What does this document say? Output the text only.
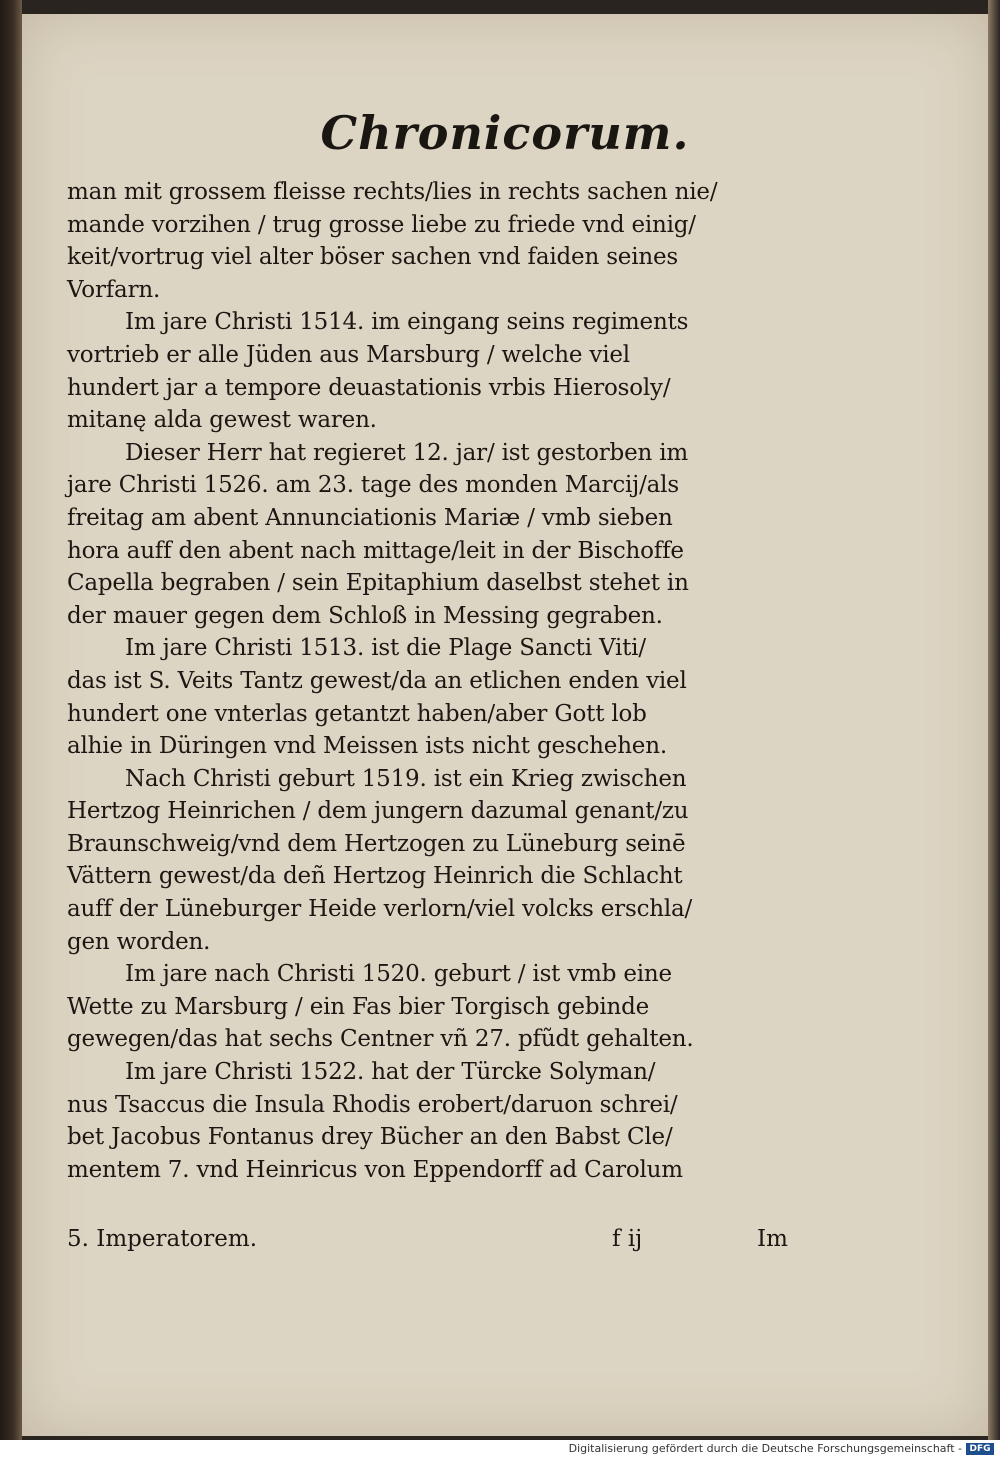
Chronicorum.
man mit grossem fleisse rechts/lies in rechts sachen nie/
mande vorzihen / trug grosse liebe zu friede vnd einig/
keit/vortrug viel alter böser sachen vnd faiden seines
Vorfarn.
Im jare Christi 1514. im eingang seins regiments
vortrieb er alle Jüden aus Marsburg / welche viel
hundert jar a tempore deuastationis vrbis Hierosoly/
mitanę alda gewest waren.
Dieser Herr hat regieret 12. jar/ ist gestorben im
jare Christi 1526. am 23. tage des monden Marcij/als
freitag am abent Annunciationis Mariæ / vmb sieben
hora auff den abent nach mittage/leit in der Bischoffe
Capella begraben / sein Epitaphium daselbst stehet in
der mauer gegen dem Schloß in Messing gegraben.
Im jare Christi 1513. ist die Plage Sancti Viti/
das ist S. Veits Tantz gewest/da an etlichen enden viel
hundert one vnterlas getantzt haben/aber Gott lob
alhie in Düringen vnd Meissen ists nicht geschehen.
Nach Christi geburt 1519. ist ein Krieg zwischen
Hertzog Heinrichen / dem jungern dazumal genant/zu
Braunschweig/vnd dem Hertzogen zu Lüneburg seinē
Vättern gewest/da deñ Hertzog Heinrich die Schlacht
auff der Lüneburger Heide verlorn/viel volcks erschla/
gen worden.
Im jare nach Christi 1520. geburt / ist vmb eine
Wette zu Marsburg / ein Fas bier Torgisch gebinde
gewegen/das hat sechs Centner vñ 27. pfũdt gehalten.
Im jare Christi 1522. hat der Türcke Solyman/
nus Tsaccus die Insula Rhodis erobert/daruon schrei/
bet Jacobus Fontanus drey Bücher an den Babst Cle/
mentem 7. vnd Heinricus von Eppendorff ad Carolum
5. Imperatorem.	f ij	Im
Digitalisierung gefördert durch die Deutsche Forschungsgemeinschaft - DFG
